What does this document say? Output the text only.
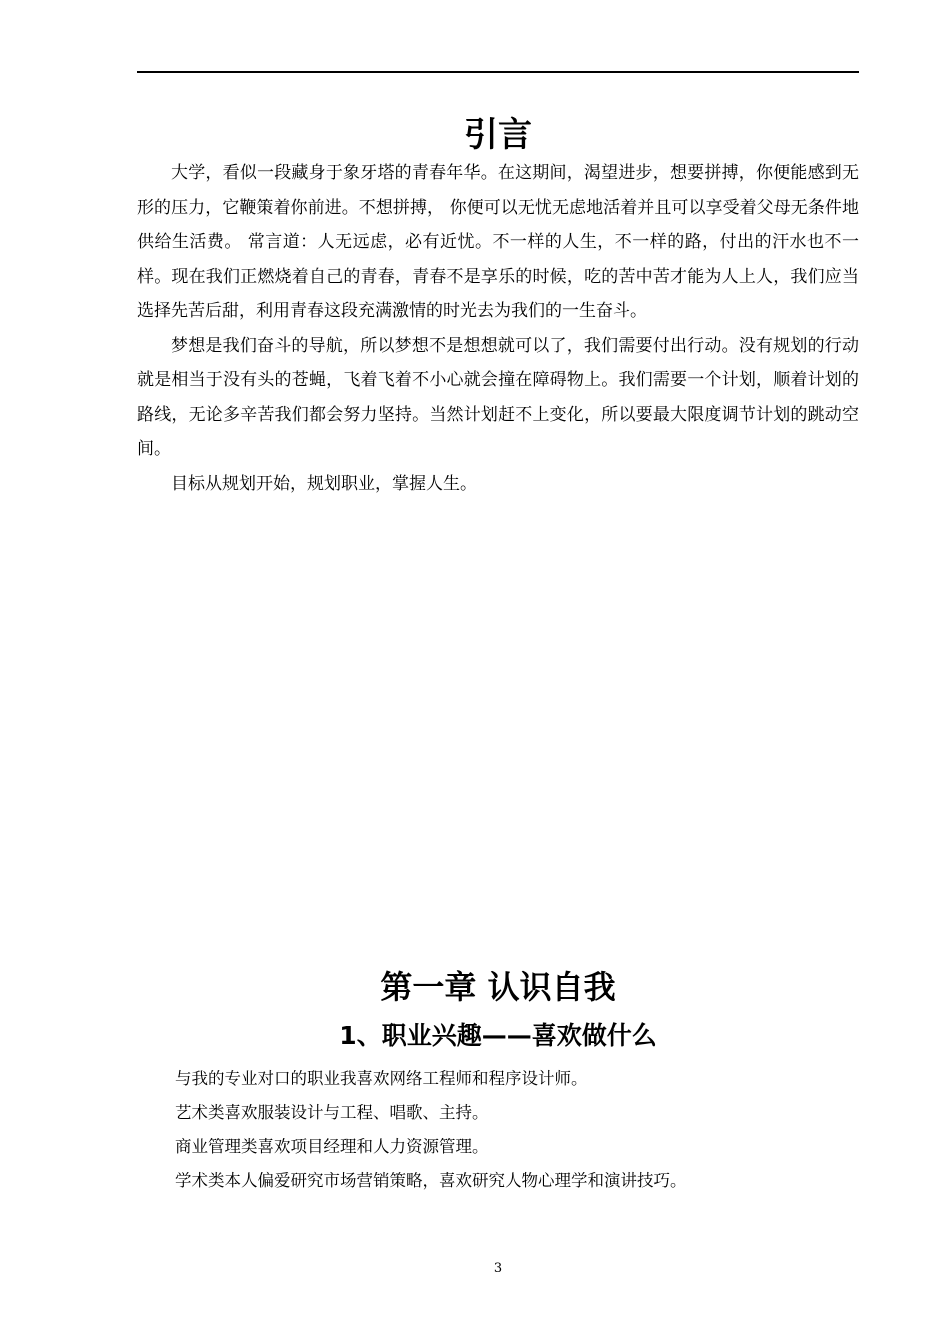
引言

大学，看似一段藏身于象牙塔的青春年华。在这期间，渴望进步，想要拼搏，你便能感到无形的压力，它鞭策着你前进。不想拼搏， 你便可以无忧无虑地活着并且可以享受着父母无条件地供给生活费。 常言道：人无远虑，必有近忧。不一样的人生，不一样的路，付出的汗水也不一样。现在我们正燃烧着自己的青春，青春不是享乐的时候，吃的苦中苦才能为人上人，我们应当选择先苦后甜，利用青春这段充满激情的时光去为我们的一生奋斗。

梦想是我们奋斗的导航，所以梦想不是想想就可以了，我们需要付出行动。没有规划的行动就是相当于没有头的苍蝇，飞着飞着不小心就会撞在障碍物上。我们需要一个计划，顺着计划的路线，无论多辛苦我们都会努力坚持。当然计划赶不上变化，所以要最大限度调节计划的跳动空间。

目标从规划开始，规划职业，掌握人生。

第一章 认识自我
1、职业兴趣——喜欢做什么
与我的专业对口的职业我喜欢网络工程师和程序设计师。
艺术类喜欢服装设计与工程、唱歌、主持。
商业管理类喜欢项目经理和人力资源管理。
学术类本人偏爱研究市场营销策略，喜欢研究人物心理学和演讲技巧。
3
